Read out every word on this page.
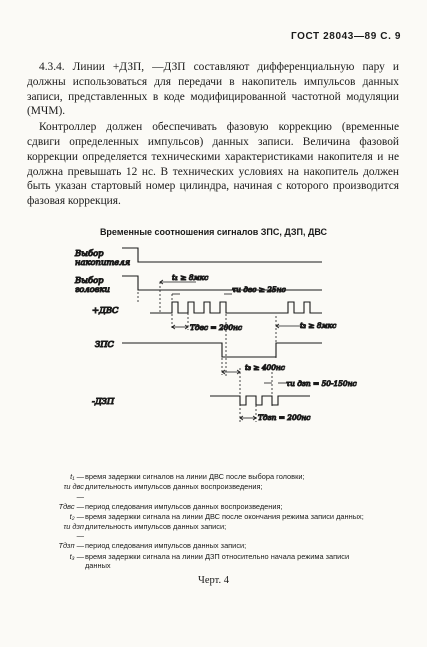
ГОСТ 28043—89 С. 9

4.3.4. Линии +ДЗП, —ДЗП составляют дифференциальную пару и должны использоваться для передачи в накопитель импульсов данных записи, представленных в коде модифицированной частотной модуляции (МЧМ).

Контроллер должен обеспечивать фазовую коррекцию (временные сдвиги определенных импульсов) данных записи. Величина фазовой коррекции определяется техническими характеристиками накопителя и не должна превышать 12 нс. В технических условиях на накопитель должен быть указан стартовый номер цилиндра, начиная с которого производится фазовая коррекция.

Временные соотношения сигналов ЗПС, ДЗП, ДВС
Выбор
накопителя
Выбор
головки
+ДВС
ЗПС
-ДЗП
t₁ ≥ 8мкс
τи двс ≥ 25нс
Tдвс = 200нс	t₂ ≥ 8мкс
t₃ ≥ 400нс
τи дзп = 50-150нс
Tдзп = 200нс
t₁ — время задержки сигналов на линии ДВС после выбора головки;
τи двс —
длительность импульсов данных воспроизведения;
Tдвс — период следования импульсов данных воспроизведения;
t₂ — время задержки сигнала на линии ДВС после окончания режима записи данных;
τи дзп —
длительность импульсов данных записи;
Tдзп — период следования импульсов данных записи;
t₃ — время задержки сигнала на линии ДЗП относительно начала режима записи данных
Черт. 4
